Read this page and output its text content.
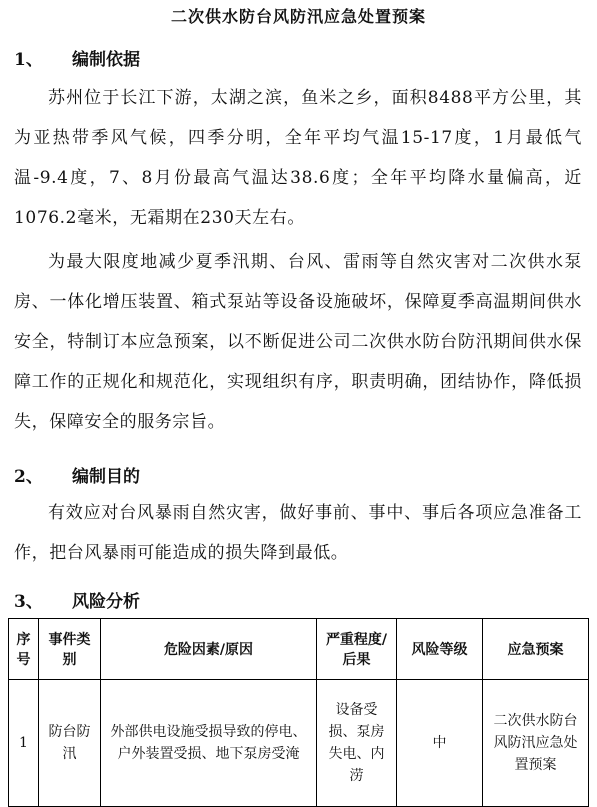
二次供水防台风防汛应急处置预案
1、 编制依据

苏州位于长江下游，太湖之滨，鱼米之乡，面积8488平方公里，其为亚热带季风气候，四季分明，全年平均气温15-17度，1月最低气温-9.4度，7、8月份最高气温达38.6度；全年平均降水量偏高，近1076.2毫米，无霜期在230天左右。

为最大限度地减少夏季汛期、台风、雷雨等自然灾害对二次供水泵房、一体化增压装置、箱式泵站等设备设施破坏，保障夏季高温期间供水安全，特制订本应急预案，以不断促进公司二次供水防台防汛期间供水保障工作的正规化和规范化，实现组织有序，职责明确，团结协作，降低损失，保障安全的服务宗旨。

2、 编制目的

有效应对台风暴雨自然灾害，做好事前、事中、事后各项应急准备工作，把台风暴雨可能造成的损失降到最低。

3、 风险分析
序号	事件类别	危险因素/原因	严重程度/后果	风险等级	应急预案
1	防台防汛	外部供电设施受损导致的停电、户外装置受损、地下泵房受淹	设备受损、泵房失电、内涝	中	二次供水防台风防汛应急处置预案
